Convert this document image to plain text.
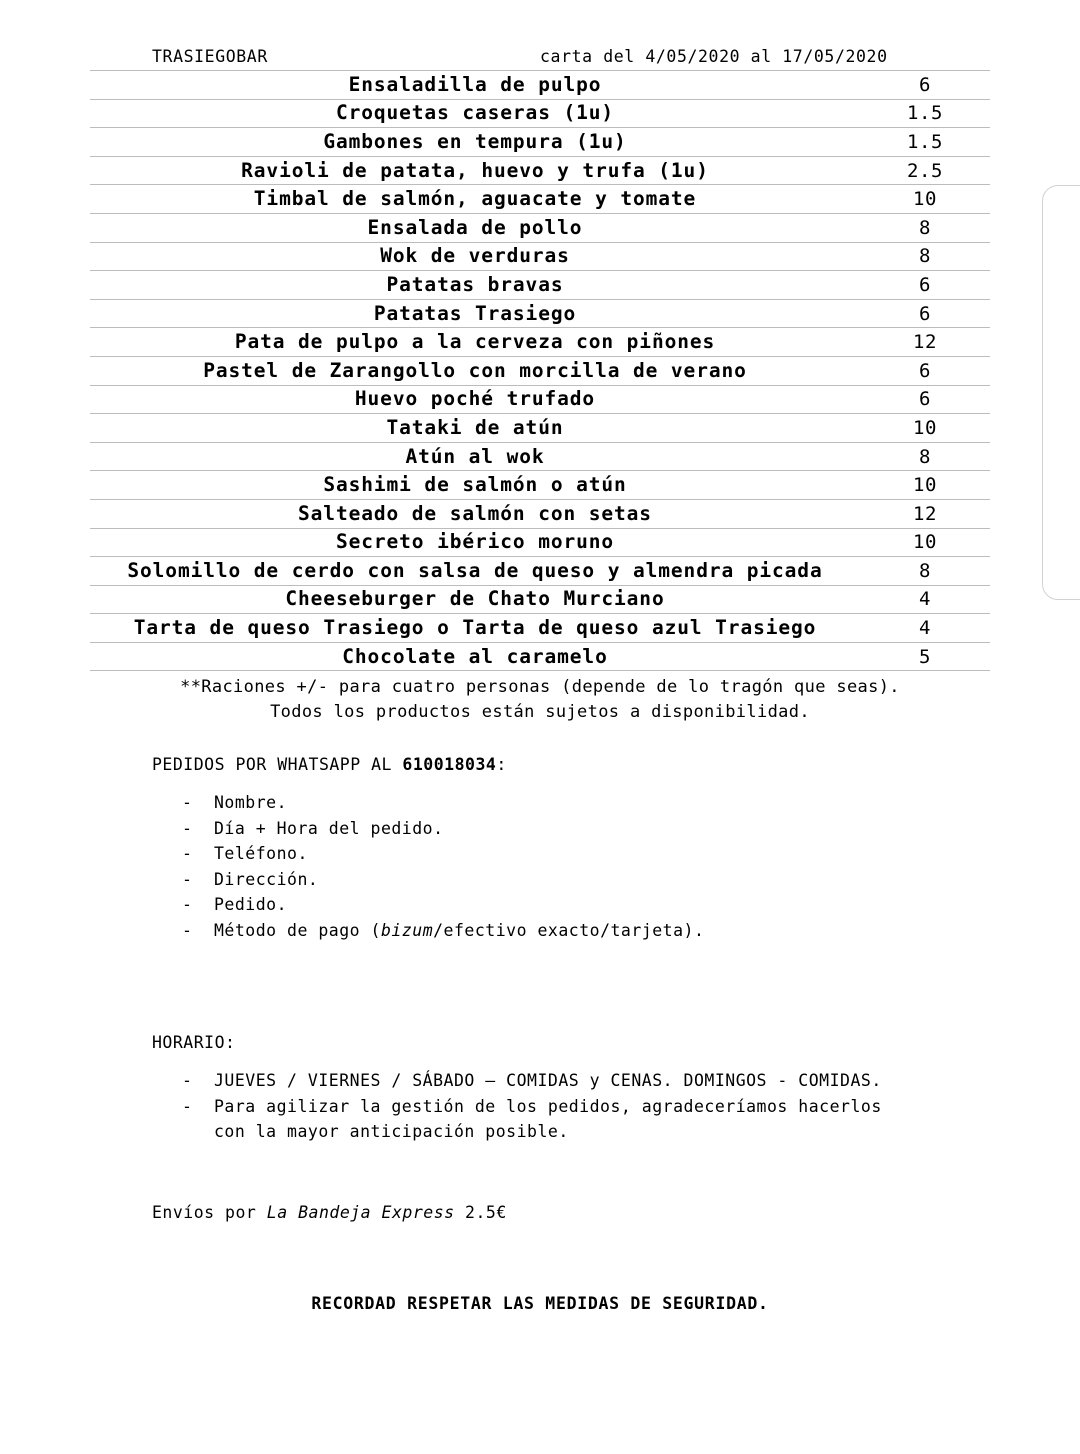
TRASIEGOBAR	carta del 4/05/2020 al 17/05/2020
Ensaladilla de pulpo	6
Croquetas caseras (1u)	1.5
Gambones en tempura (1u)	1.5
Ravioli de patata, huevo y trufa (1u)	2.5
Timbal de salmón, aguacate y tomate	10
Ensalada de pollo	8
Wok de verduras	8
Patatas bravas	6
Patatas Trasiego	6
Pata de pulpo a la cerveza con piñones	12
Pastel de Zarangollo con morcilla de verano	6
Huevo poché trufado	6
Tataki de atún	10
Atún al wok	8
Sashimi de salmón o atún	10
Salteado de salmón con setas	12
Secreto ibérico moruno	10
Solomillo de cerdo con salsa de queso y almendra picada	8
Cheeseburger de Chato Murciano	4
Tarta de queso Trasiego o Tarta de queso azul Trasiego	4
Chocolate al caramelo	5
**Raciones +/- para cuatro personas (depende de lo tragón que seas).
Todos los productos están sujetos a disponibilidad.
PEDIDOS POR WHATSAPP AL 610018034:
- Nombre.
- Día + Hora del pedido.
- Teléfono.
- Dirección.
- Pedido.
- Método de pago (bizum/efectivo exacto/tarjeta).
HORARIO:
- JUEVES / VIERNES / SÁBADO – COMIDAS y CENAS. DOMINGOS - COMIDAS.
- Para agilizar la gestión de los pedidos, agradeceríamos hacerlos
con la mayor anticipación posible.
Envíos por La Bandeja Express 2.5€
RECORDAD RESPETAR LAS MEDIDAS DE SEGURIDAD.
